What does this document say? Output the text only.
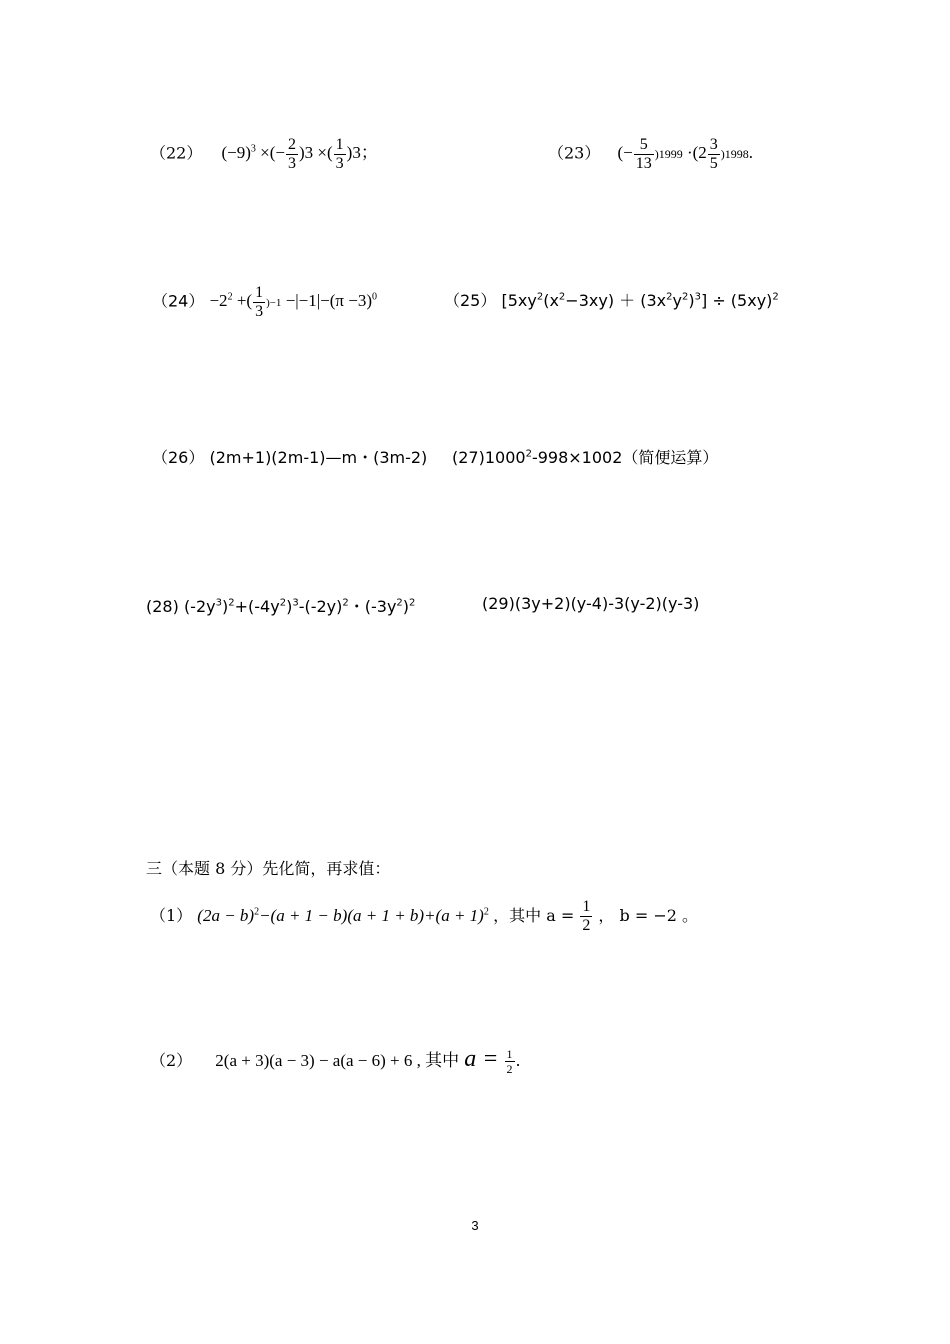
（22） $(-9)^3$ ×(− $\frac{2}{3} )3$ ×( $\frac{1}{3} )3$；	（23） (− $\frac{5}{13} )1999 \cdot(2 \frac{3}{5} )1998$.
$(24) -2^2$ +( $\frac{1}{3} )-1 -|-1|-(\pi -3)^0$	（25） $[5xy^2(x^2-3xy) + (3x^2y^2)^3] \div (5xy)^2$
（26） (2m+1)(2m-1)—m・(3m-2) $(27)1000^2-998\times 1002$（简便运算）
(28) $(-2y^3)^2+(-4y^2)^3-(-2y)^2$・$(-3y^2)^2$	(29)(3y+2)(y-4)-3(y-2)(y-3)
三（本题 8 分）先化简，再求值：
（1） $(2a - b)^2-(a + 1 - b)(a + 1 + b)+(a + 1)^2$ ，其中 $a = \frac{1}{2}$ ， b = −2 。
（2） 2(a + 3)(a − 3) − a(a − 6) + 6 , 其中 $a = \frac{1}{2}$ .
3
